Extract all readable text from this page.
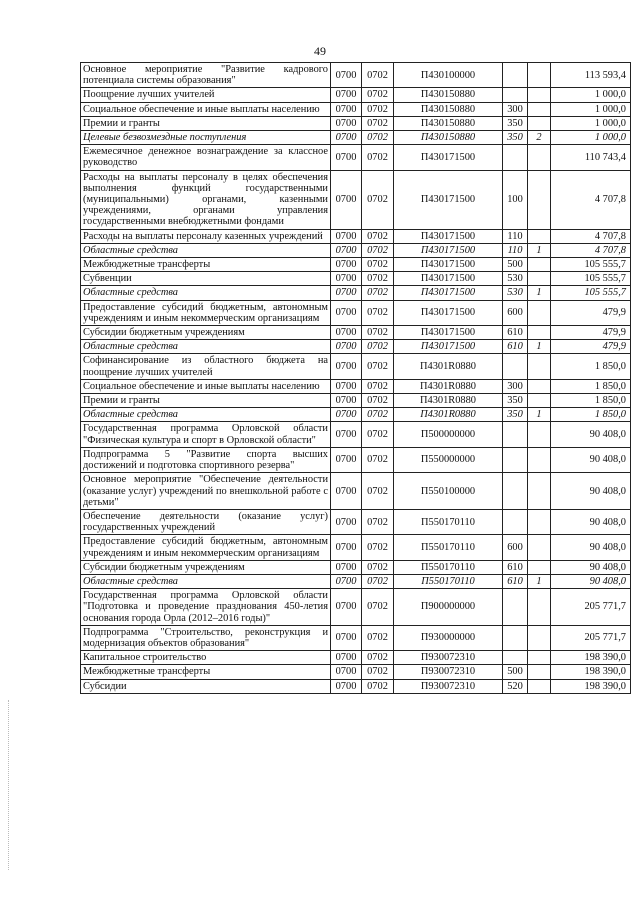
49
Основное мероприятие "Развитие кадрового потенциала системы образования"	0700	0702	П430100000			113 593,4
Поощрение лучших учителей	0700	0702	П430150880			1 000,0
Социальное обеспечение и иные выплаты населению	0700	0702	П430150880	300		1 000,0
Премии и гранты	0700	0702	П430150880	350		1 000,0
Целевые безвозмездные поступления	0700	0702	П430150880	350	2	1 000,0
Ежемесячное денежное вознаграждение за классное руководство	0700	0702	П430171500			110 743,4
Расходы на выплаты персоналу в целях обеспечения выполнения функций государственными (муниципальными) органами, казенными учреждениями, органами управления государственными внебюджетными фондами	0700	0702	П430171500	100		4 707,8
Расходы на выплаты персоналу казенных учреждений	0700	0702	П430171500	110		4 707,8
Областные средства	0700	0702	П430171500	110	1	4 707,8
Межбюджетные трансферты	0700	0702	П430171500	500		105 555,7
Субвенции	0700	0702	П430171500	530		105 555,7
Областные средства	0700	0702	П430171500	530	1	105 555,7
Предоставление субсидий бюджетным, автономным учреждениям и иным некоммерческим организациям	0700	0702	П430171500	600		479,9
Субсидии бюджетным учреждениям	0700	0702	П430171500	610		479,9
Областные средства	0700	0702	П430171500	610	1	479,9
Софинансирование из областного бюджета на поощрение лучших учителей	0700	0702	П4301R0880			1 850,0
Социальное обеспечение и иные выплаты населению	0700	0702	П4301R0880	300		1 850,0
Премии и гранты	0700	0702	П4301R0880	350		1 850,0
Областные средства	0700	0702	П4301R0880	350	1	1 850,0
Государственная программа Орловской области "Физическая культура и спорт в Орловской области"	0700	0702	П500000000			90 408,0
Подпрограмма 5 "Развитие спорта высших достижений и подготовка спортивного резерва"	0700	0702	П550000000			90 408,0
Основное мероприятие "Обеспечение деятельности (оказание услуг) учреждений по внешкольной работе с детьми"	0700	0702	П550100000			90 408,0
Обеспечение деятельности (оказание услуг) государственных учреждений	0700	0702	П550170110			90 408,0
Предоставление субсидий бюджетным, автономным учреждениям и иным некоммерческим организациям	0700	0702	П550170110	600		90 408,0
Субсидии бюджетным учреждениям	0700	0702	П550170110	610		90 408,0
Областные средства	0700	0702	П550170110	610	1	90 408,0
Государственная программа Орловской области "Подготовка и проведение празднования 450-летия основания города Орла (2012–2016 годы)"	0700	0702	П900000000			205 771,7
Подпрограмма "Строительство, реконструкция и модернизация объектов образования"	0700	0702	П930000000			205 771,7
Капитальное строительство	0700	0702	П930072310			198 390,0
Межбюджетные трансферты	0700	0702	П930072310	500		198 390,0
Субсидии	0700	0702	П930072310	520		198 390,0
